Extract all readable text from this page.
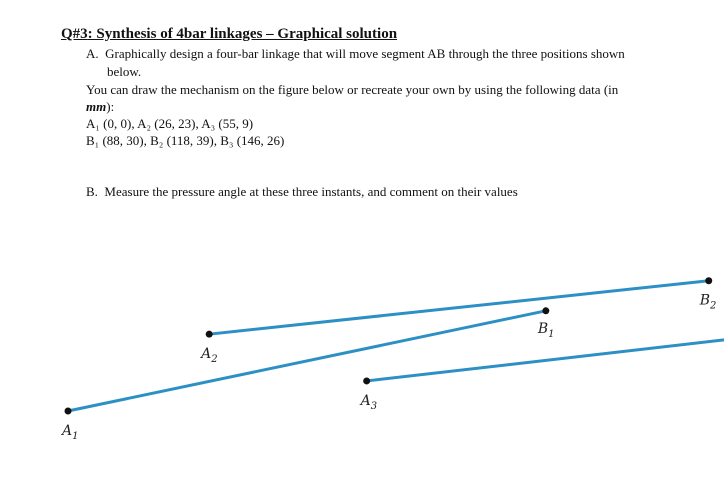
Q#3: Synthesis of 4bar linkages – Graphical solution
A. Graphically design a four-bar linkage that will move segment AB through the three positions shown
below.
You can draw the mechanism on the figure below or recreate your own by using the following data (in
mm):
A₁ (0, 0), A₂ (26, 23), A₃ (55, 9)
B₁ (88, 30), B₂ (118, 39), B₃ (146, 26)
B. Measure the pressure angle at these three instants, and comment on their values
$A_1$
$B_1$
$A_2$
$B_2$
$A_3$
